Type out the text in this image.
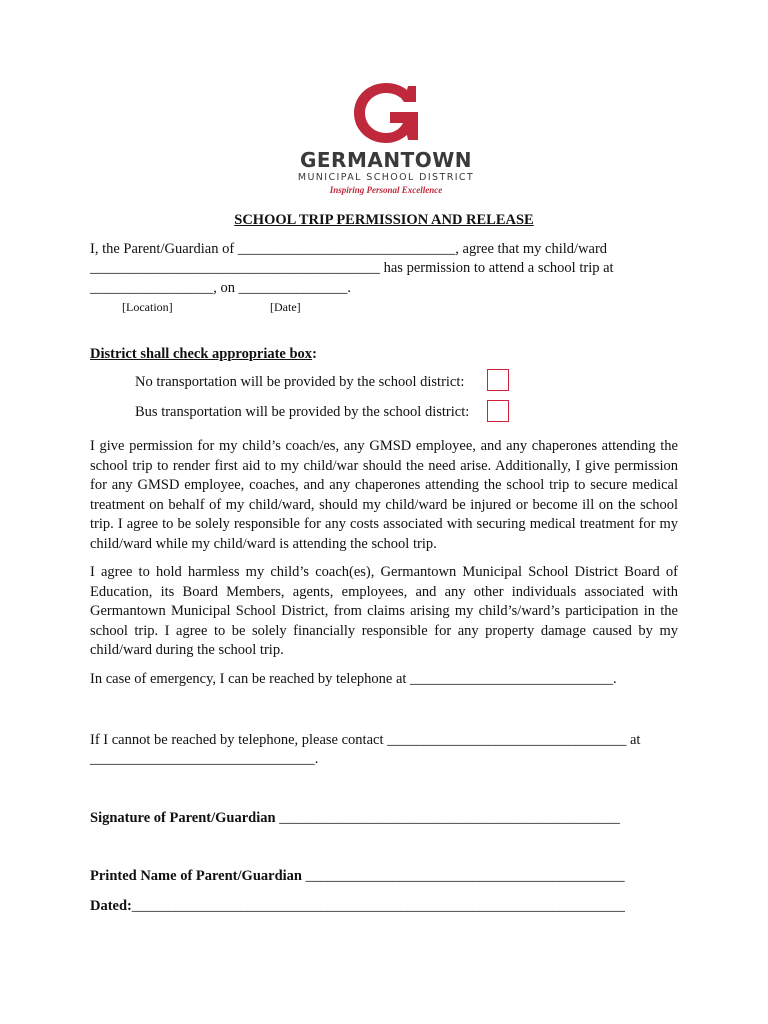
GERMANTOWN
MUNICIPAL SCHOOL DISTRICT
Inspiring Personal Excellence
SCHOOL TRIP PERMISSION AND RELEASE
I, the Parent/Guardian of ______________________________, agree that my child/ward
________________________________________ has permission to attend a school trip at
_________________, on _______________.
[Location]	[Date]
District shall check appropriate box:
No transportation will be provided by the school district:
Bus transportation will be provided by the school district:
I give permission for my child’s coach/es, any GMSD employee, and any chaperones attending the school trip to render first aid to my child/war should the need arise. Additionally, I give permission for any GMSD employee, coaches, and any chaperones attending the school trip to secure medical treatment on behalf of my child/ward, should my child/ward be injured or become ill on the school trip. I agree to be solely responsible for any costs associated with securing medical treatment for my child/ward while my child/ward is attending the school trip.
I agree to hold harmless my child’s coach(es), Germantown Municipal School District Board of Education, its Board Members, agents, employees, and any other individuals associated with Germantown Municipal School District, from claims arising my child’s/ward’s participation in the school trip. I agree to be solely financially responsible for any property damage caused by my child/ward during the school trip.
In case of emergency, I can be reached by telephone at ____________________________.
If I cannot be reached by telephone, please contact _________________________________ at
_______________________________.
Signature of Parent/Guardian _______________________________________________
Printed Name of Parent/Guardian ____________________________________________
Dated:____________________________________________________________________
